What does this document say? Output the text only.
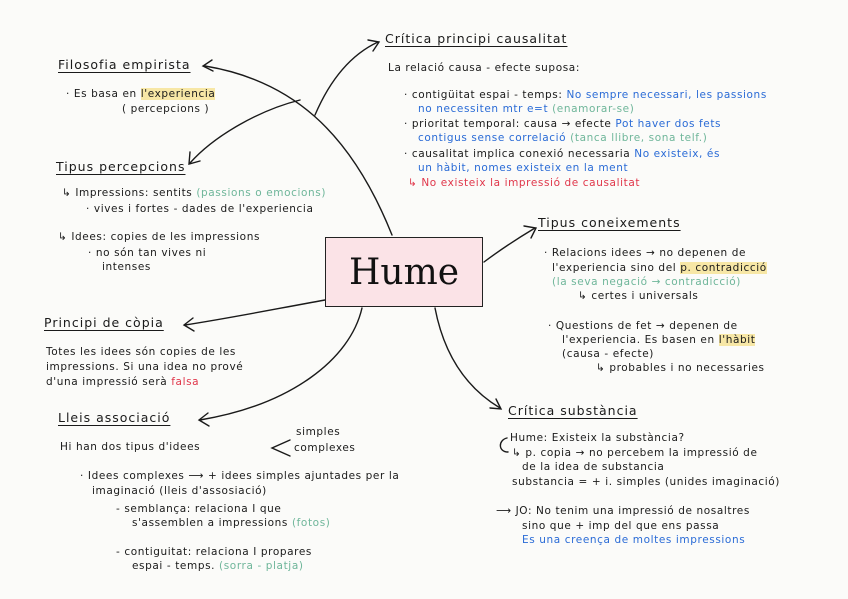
Hume
Filosofia empirista
· Es basa en l'experiencia
( percepcions )
Tipus percepcions
↳ Impressions: sentits (passions o emocions)
· vives i fortes - dades de l'experiencia
↳ Idees: copies de les impressions
· no són tan vives ni
intenses
Principi de còpia
Totes les idees són copies de les
impressions. Si una idea no prové
d'una impressió serà falsa
Lleis associació
simples
complexes
Hi han dos tipus d'idees
· Idees complexes ⟶ + idees simples ajuntades per la
imaginació (lleis d'assosiació)
- semblança: relaciona I que
s'assemblen a impressions (fotos)
- contiguitat: relaciona I propares
espai - temps. (sorra - platja)
Crítica principi causalitat
La relació causa - efecte suposa:
· contigüitat espai - temps: No sempre necessari, les passions
no necessiten mtr e=t (enamorar-se)
· prioritat temporal: causa → efecte Pot haver dos fets
contigus sense correlació (tanca llibre, sona telf.)
· causalitat implica conexió necessaria No existeix, és
un hàbit, nomes existeix en la ment
↳ No existeix la impressió de causalitat
Tipus coneixements
· Relacions idees → no depenen de
l'experiencia sino del p. contradicció
(la seva negació → contradicció)
↳ certes i universals
· Questions de fet → depenen de
l'experiencia. Es basen en l'hàbit
(causa - efecte)
↳ probables i no necessaries
Crítica substància
Hume: Existeix la substància?
↳ p. copia → no percebem la impressió de
de la idea de substancia
substancia = + i. simples (unides imaginació)
⟶ JO: No tenim una impressió de nosaltres
sino que + imp del que ens passa
Es una creença de moltes impressions
